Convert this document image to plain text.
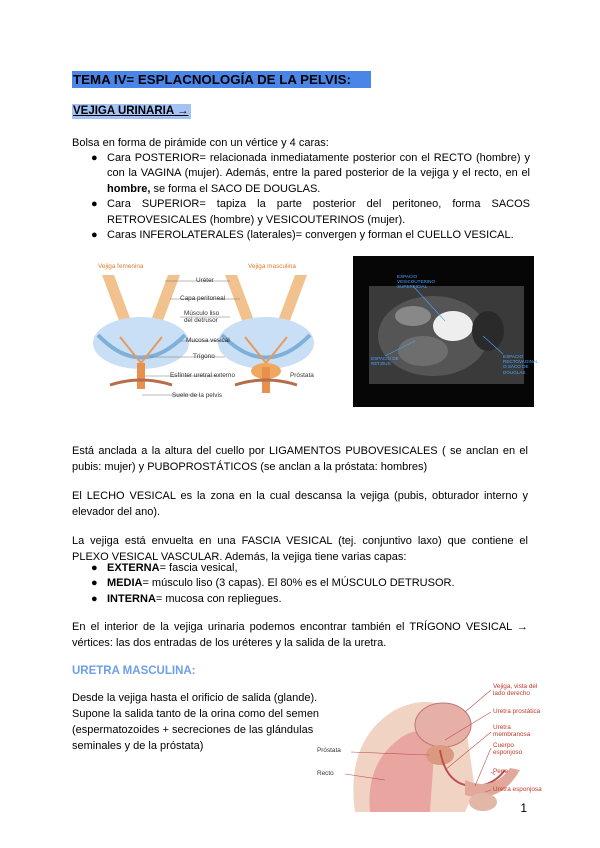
TEMA IV= ESPLACNOLOGÍA DE LA PELVIS:
VEJIGA URINARIA →
Bolsa en forma de pirámide con un vértice y 4 caras:
● Cara POSTERIOR= relacionada inmediatamente posterior con el RECTO (hombre) y con la VAGINA (mujer). Además, entre la pared posterior de la vejiga y el recto, en el hombre, se forma el SACO DE DOUGLAS.
● Cara SUPERIOR= tapiza la parte posterior del peritoneo, forma SACOS RETROVESICALES (hombre) y VESICOUTERINOS (mujer).
● Caras INFEROLATERALES (laterales)= convergen y forman el CUELLO VESICAL.
Vejiga femenina	Vejiga masculina
Uréter
Capa peritoneal
Músculo liso del detrusor
Mucosa vesical
Trígono
Esfínter uretral externo	Próstata
Suelo de la pelvis
ESPACIO VESICOUTERINO SUPERFICIAL
ESPACIO DE RETZIUS
ESPACIO RECTOVAGINAL O SACO DE DOUGLAS
Está anclada a la altura del cuello por LIGAMENTOS PUBOVESICALES ( se anclan en el pubis: mujer) y PUBOPROSTÁTICOS (se anclan a la próstata: hombres)
El LECHO VESICAL es la zona en la cual descansa la vejiga (pubis, obturador interno y elevador del ano).
La vejiga está envuelta en una FASCIA VESICAL (tej. conjuntivo laxo) que contiene el PLEXO VESICAL VASCULAR. Además, la vejiga tiene varias capas:
● EXTERNA= fascia vesical,
● MEDIA= músculo liso (3 capas). El 80% es el MÚSCULO DETRUSOR.
● INTERNA= mucosa con repliegues.
En el interior de la vejiga urinaria podemos encontrar también el TRÍGONO VESICAL → vértices: las dos entradas de los uréteres y la salida de la uretra.
URETRA MASCULINA:
Desde la vejiga hasta el orificio de salida (glande). Supone la salida tanto de la orina como del semen (espermatozoides + secreciones de las glándulas seminales y de la próstata)	Próstata
Recto
Vejiga, vista del lado derecho
Uretra prostática
Uretra membranosa
Cuerpo esponjoso
Pene
Uretra esponjosa
1
